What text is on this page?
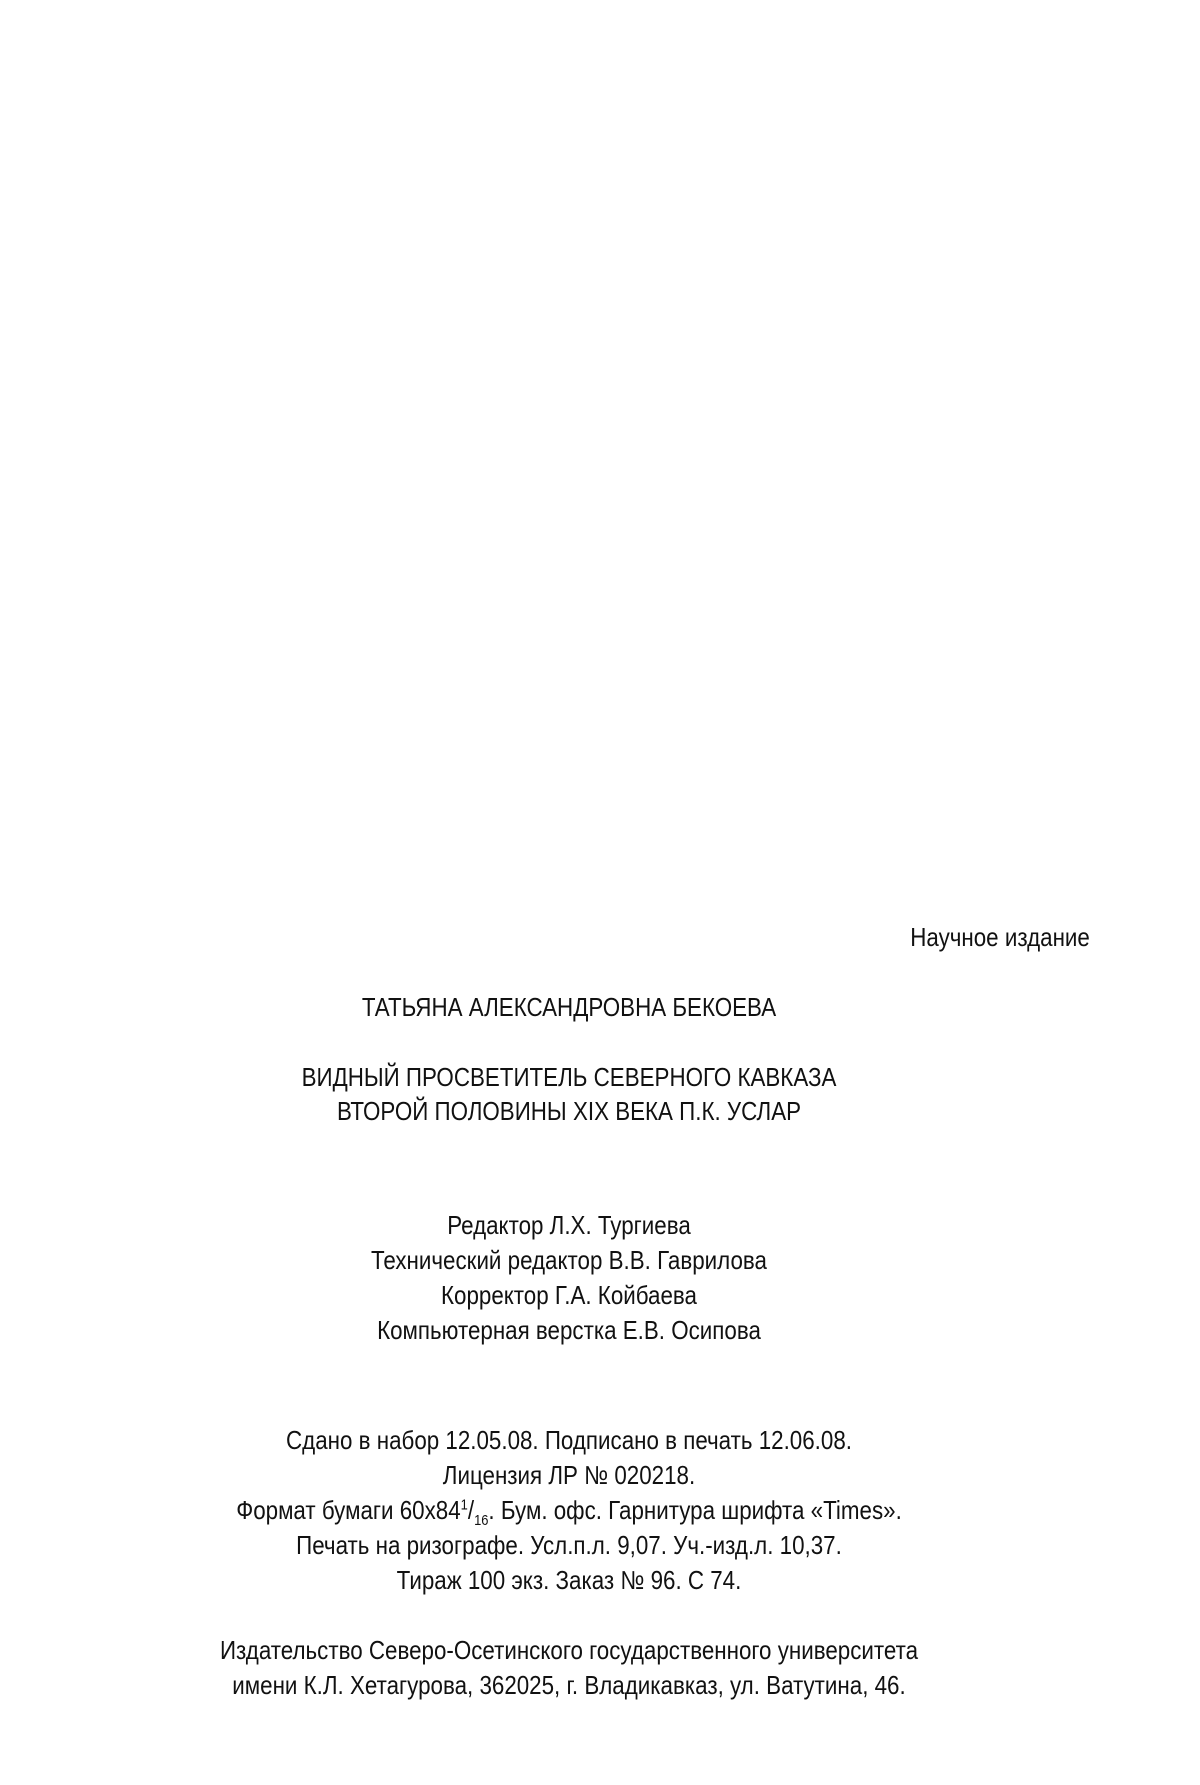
Научное издание
ТАТЬЯНА АЛЕКСАНДРОВНА БЕКОЕВА
ВИДНЫЙ ПРОСВЕТИТЕЛЬ СЕВЕРНОГО КАВКАЗА
ВТОРОЙ ПОЛОВИНЫ XIX ВЕКА П.К. УСЛАР
Редактор Л.Х. Тургиева
Технический редактор В.В. Гаврилова
Корректор Г.А. Койбаева
Компьютерная верстка Е.В. Осипова
Сдано в набор 12.05.08. Подписано в печать 12.06.08.
Лицензия ЛР № 020218.
Формат бумаги $60x84^1/_{16}$. Бум. офс. Гарнитура шрифта «Times».
Печать на ризографе. Усл.п.л. 9,07. Уч.-изд.л. 10,37.
Тираж 100 экз. Заказ № 96. С 74.
Издательство Северо-Осетинского государственного университета
имени К.Л. Хетагурова, 362025, г. Владикавказ, ул. Ватутина, 46.
